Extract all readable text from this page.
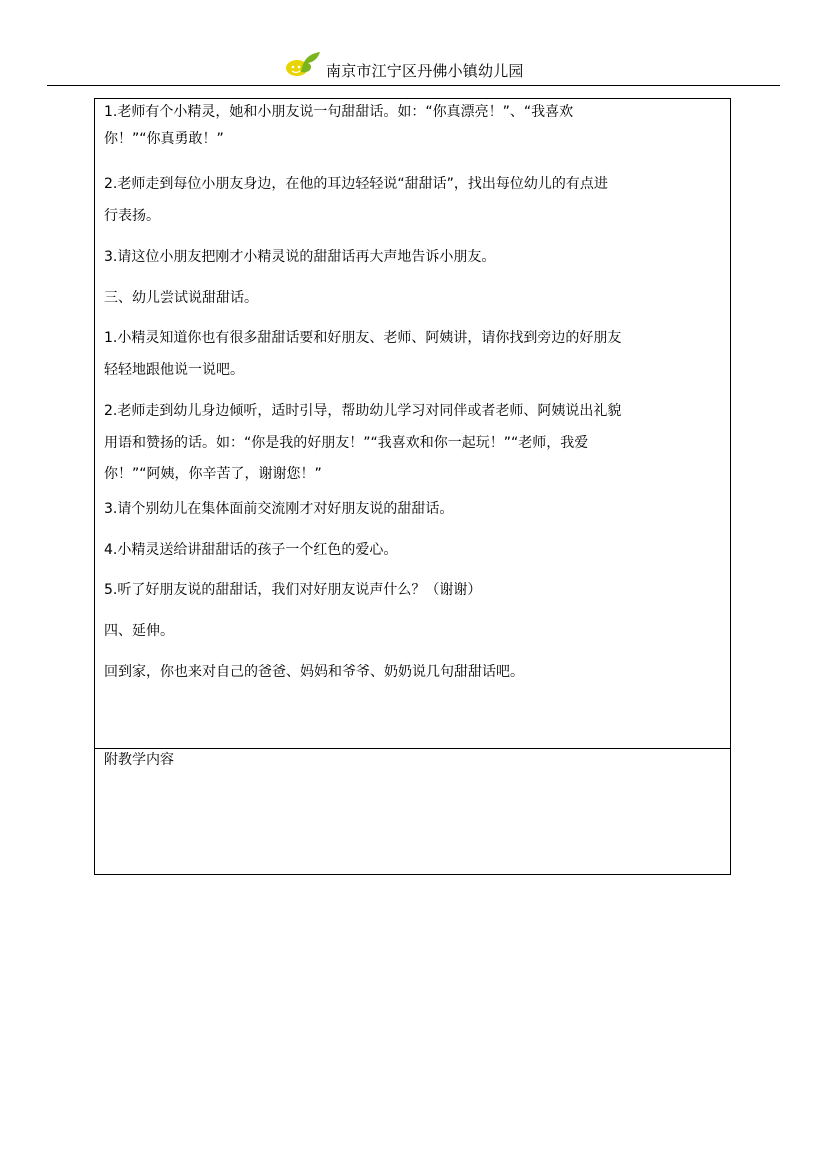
南京市江宁区丹佛小镇幼儿园
1.老师有个小精灵，她和小朋友说一句甜甜话。如：“你真漂亮！”、“我喜欢
你！”“你真勇敢！”
2.老师走到每位小朋友身边，在他的耳边轻轻说“甜甜话”，找出每位幼儿的有点进
行表扬。
3.请这位小朋友把刚才小精灵说的甜甜话再大声地告诉小朋友。
三、幼儿尝试说甜甜话。
1.小精灵知道你也有很多甜甜话要和好朋友、老师、阿姨讲，请你找到旁边的好朋友
轻轻地跟他说一说吧。
2.老师走到幼儿身边倾听，适时引导，帮助幼儿学习对同伴或者老师、阿姨说出礼貌
用语和赞扬的话。如：“你是我的好朋友！”“我喜欢和你一起玩！”“老师，我爱
你！”“阿姨，你辛苦了，谢谢您！”
3.请个别幼儿在集体面前交流刚才对好朋友说的甜甜话。
4.小精灵送给讲甜甜话的孩子一个红色的爱心。
5.听了好朋友说的甜甜话，我们对好朋友说声什么？（谢谢）
四、延伸。
回到家，你也来对自己的爸爸、妈妈和爷爷、奶奶说几句甜甜话吧。
附教学内容
